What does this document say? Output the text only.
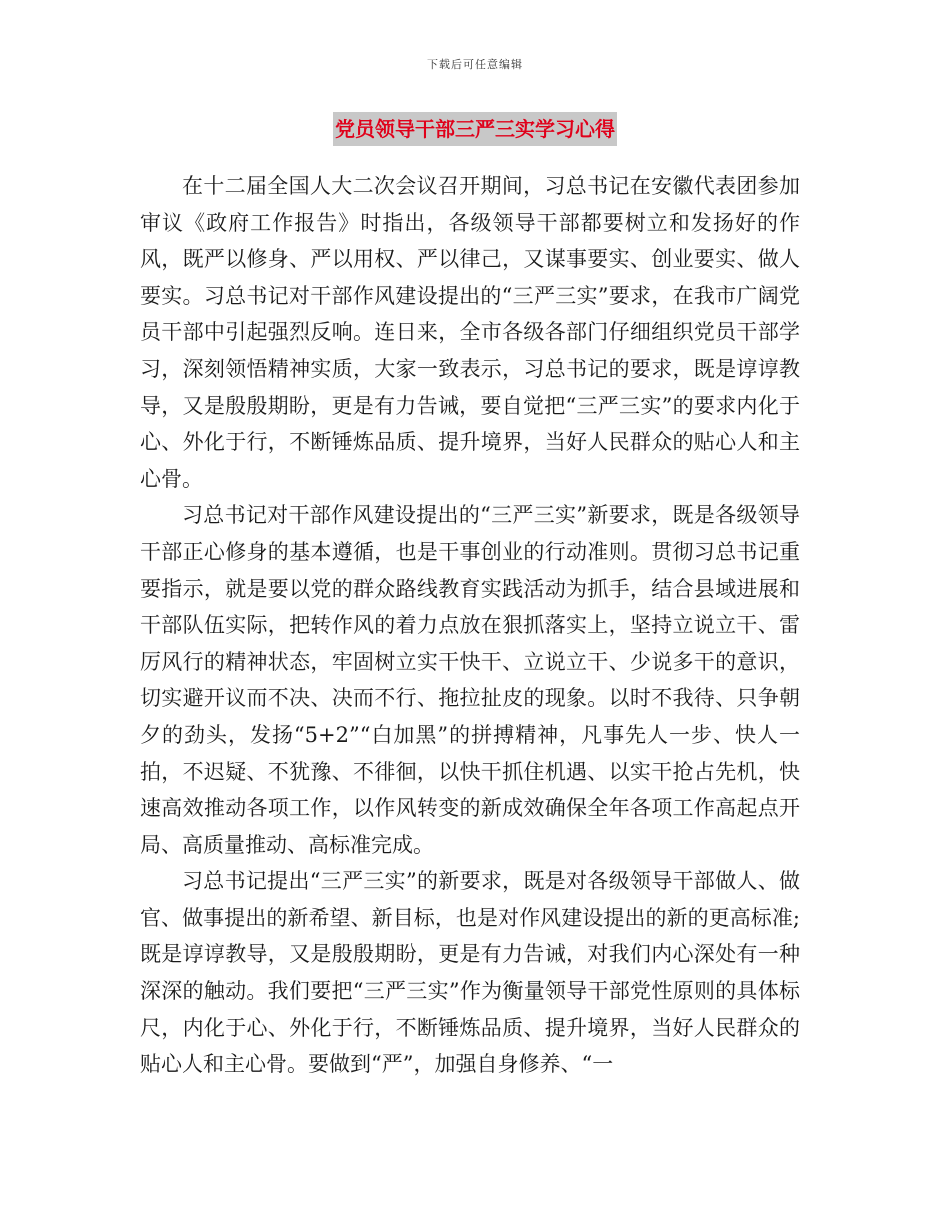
下载后可任意编辑
党员领导干部三严三实学习心得

在十二届全国人大二次会议召开期间，习总书记在安徽代表团参加审议《政府工作报告》时指出，各级领导干部都要树立和发扬好的作风，既严以修身、严以用权、严以律己，又谋事要实、创业要实、做人要实。习总书记对干部作风建设提出的“三严三实”要求，在我市广阔党员干部中引起强烈反响。连日来，全市各级各部门仔细组织党员干部学习，深刻领悟精神实质，大家一致表示，习总书记的要求，既是谆谆教导，又是殷殷期盼，更是有力告诫，要自觉把“三严三实”的要求内化于心、外化于行，不断锤炼品质、提升境界，当好人民群众的贴心人和主心骨。

习总书记对干部作风建设提出的“三严三实”新要求，既是各级领导干部正心修身的基本遵循，也是干事创业的行动准则。贯彻习总书记重要指示，就是要以党的群众路线教育实践活动为抓手，结合县域进展和干部队伍实际，把转作风的着力点放在狠抓落实上，坚持立说立干、雷厉风行的精神状态，牢固树立实干快干、立说立干、少说多干的意识，切实避开议而不决、决而不行、拖拉扯皮的现象。以时不我待、只争朝夕的劲头，发扬“5+2”“白加黑”的拼搏精神，凡事先人一步、快人一拍，不迟疑、不犹豫、不徘徊，以快干抓住机遇、以实干抢占先机，快速高效推动各项工作，以作风转变的新成效确保全年各项工作高起点开局、高质量推动、高标准完成。

习总书记提出“三严三实”的新要求，既是对各级领导干部做人、做官、做事提出的新希望、新目标，也是对作风建设提出的新的更高标准;既是谆谆教导，又是殷殷期盼，更是有力告诫，对我们内心深处有一种深深的触动。我们要把“三严三实”作为衡量领导干部党性原则的具体标尺，内化于心、外化于行，不断锤炼品质、提升境界，当好人民群众的贴心人和主心骨。要做到“严”，加强自身修养、“一
